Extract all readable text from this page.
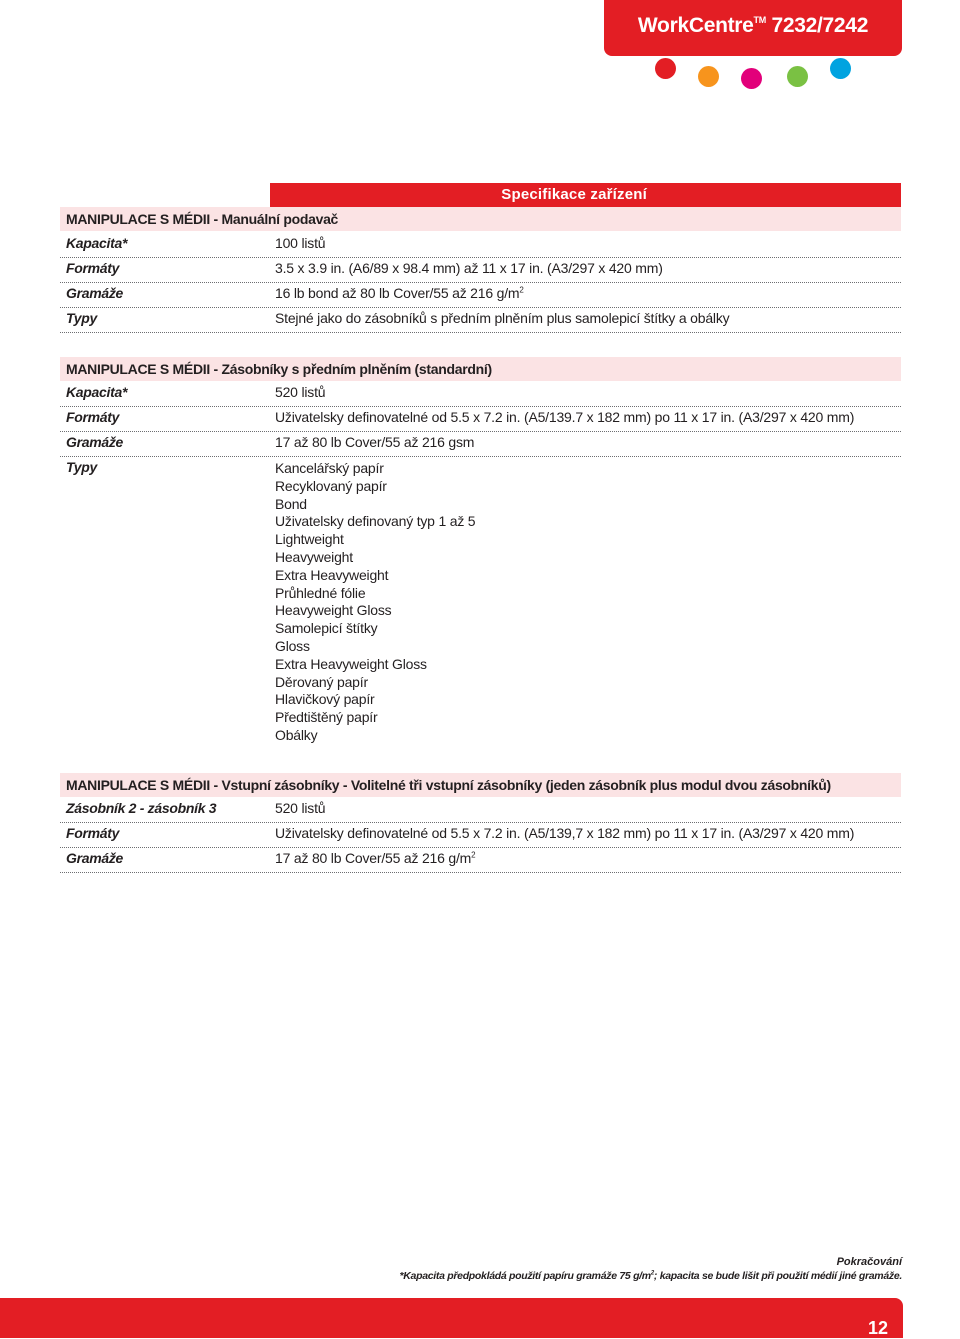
WorkCentre™ 7232/7242
Specifikace zařízení
MANIPULACE S MÉDII - Manuální podavač
Kapacita*	100 listů
Formáty	3.5 x 3.9 in. (A6/89 x 98.4 mm) až 11 x 17 in. (A3/297 x 420 mm)
Gramáže	16 lb bond až 80 lb Cover/55 až 216 $g/m^2$
Typy	Stejné jako do zásobníků s předním plněním plus samolepicí štítky a obálky
MANIPULACE S MÉDII - Zásobníky s předním plněním (standardní)
Kapacita*	520 listů
Formáty	Uživatelsky definovatelné od 5.5 x 7.2 in. (A5/139.7 x 182 mm) po 11 x 17 in. (A3/297 x 420 mm)
Gramáže	17 až 80 lb Cover/55 až 216 gsm
Typy	Kancelářský papír
Recyklovaný papír
Bond
Uživatelsky definovaný typ 1 až 5
Lightweight
Heavyweight
Extra Heavyweight
Průhledné fólie
Heavyweight Gloss
Samolepicí štítky
Gloss
Extra Heavyweight Gloss
Děrovaný papír
Hlavičkový papír
Předtištěný papír
Obálky
MANIPULACE S MÉDII - Vstupní zásobníky - Volitelné tři vstupní zásobníky (jeden zásobník plus modul dvou zásobníků)
Zásobník 2 - zásobník 3	520 listů
Formáty	Uživatelsky definovatelné od 5.5 x 7.2 in. (A5/139,7 x 182 mm) po 11 x 17 in. (A3/297 x 420 mm)
Gramáže	17 až 80 lb Cover/55 až 216 $g/m^2$
Pokračování
*Kapacita předpokládá použití papíru gramáže 75 $g/m^2$; kapacita se bude lišit při použití médií jiné gramáže.
12
